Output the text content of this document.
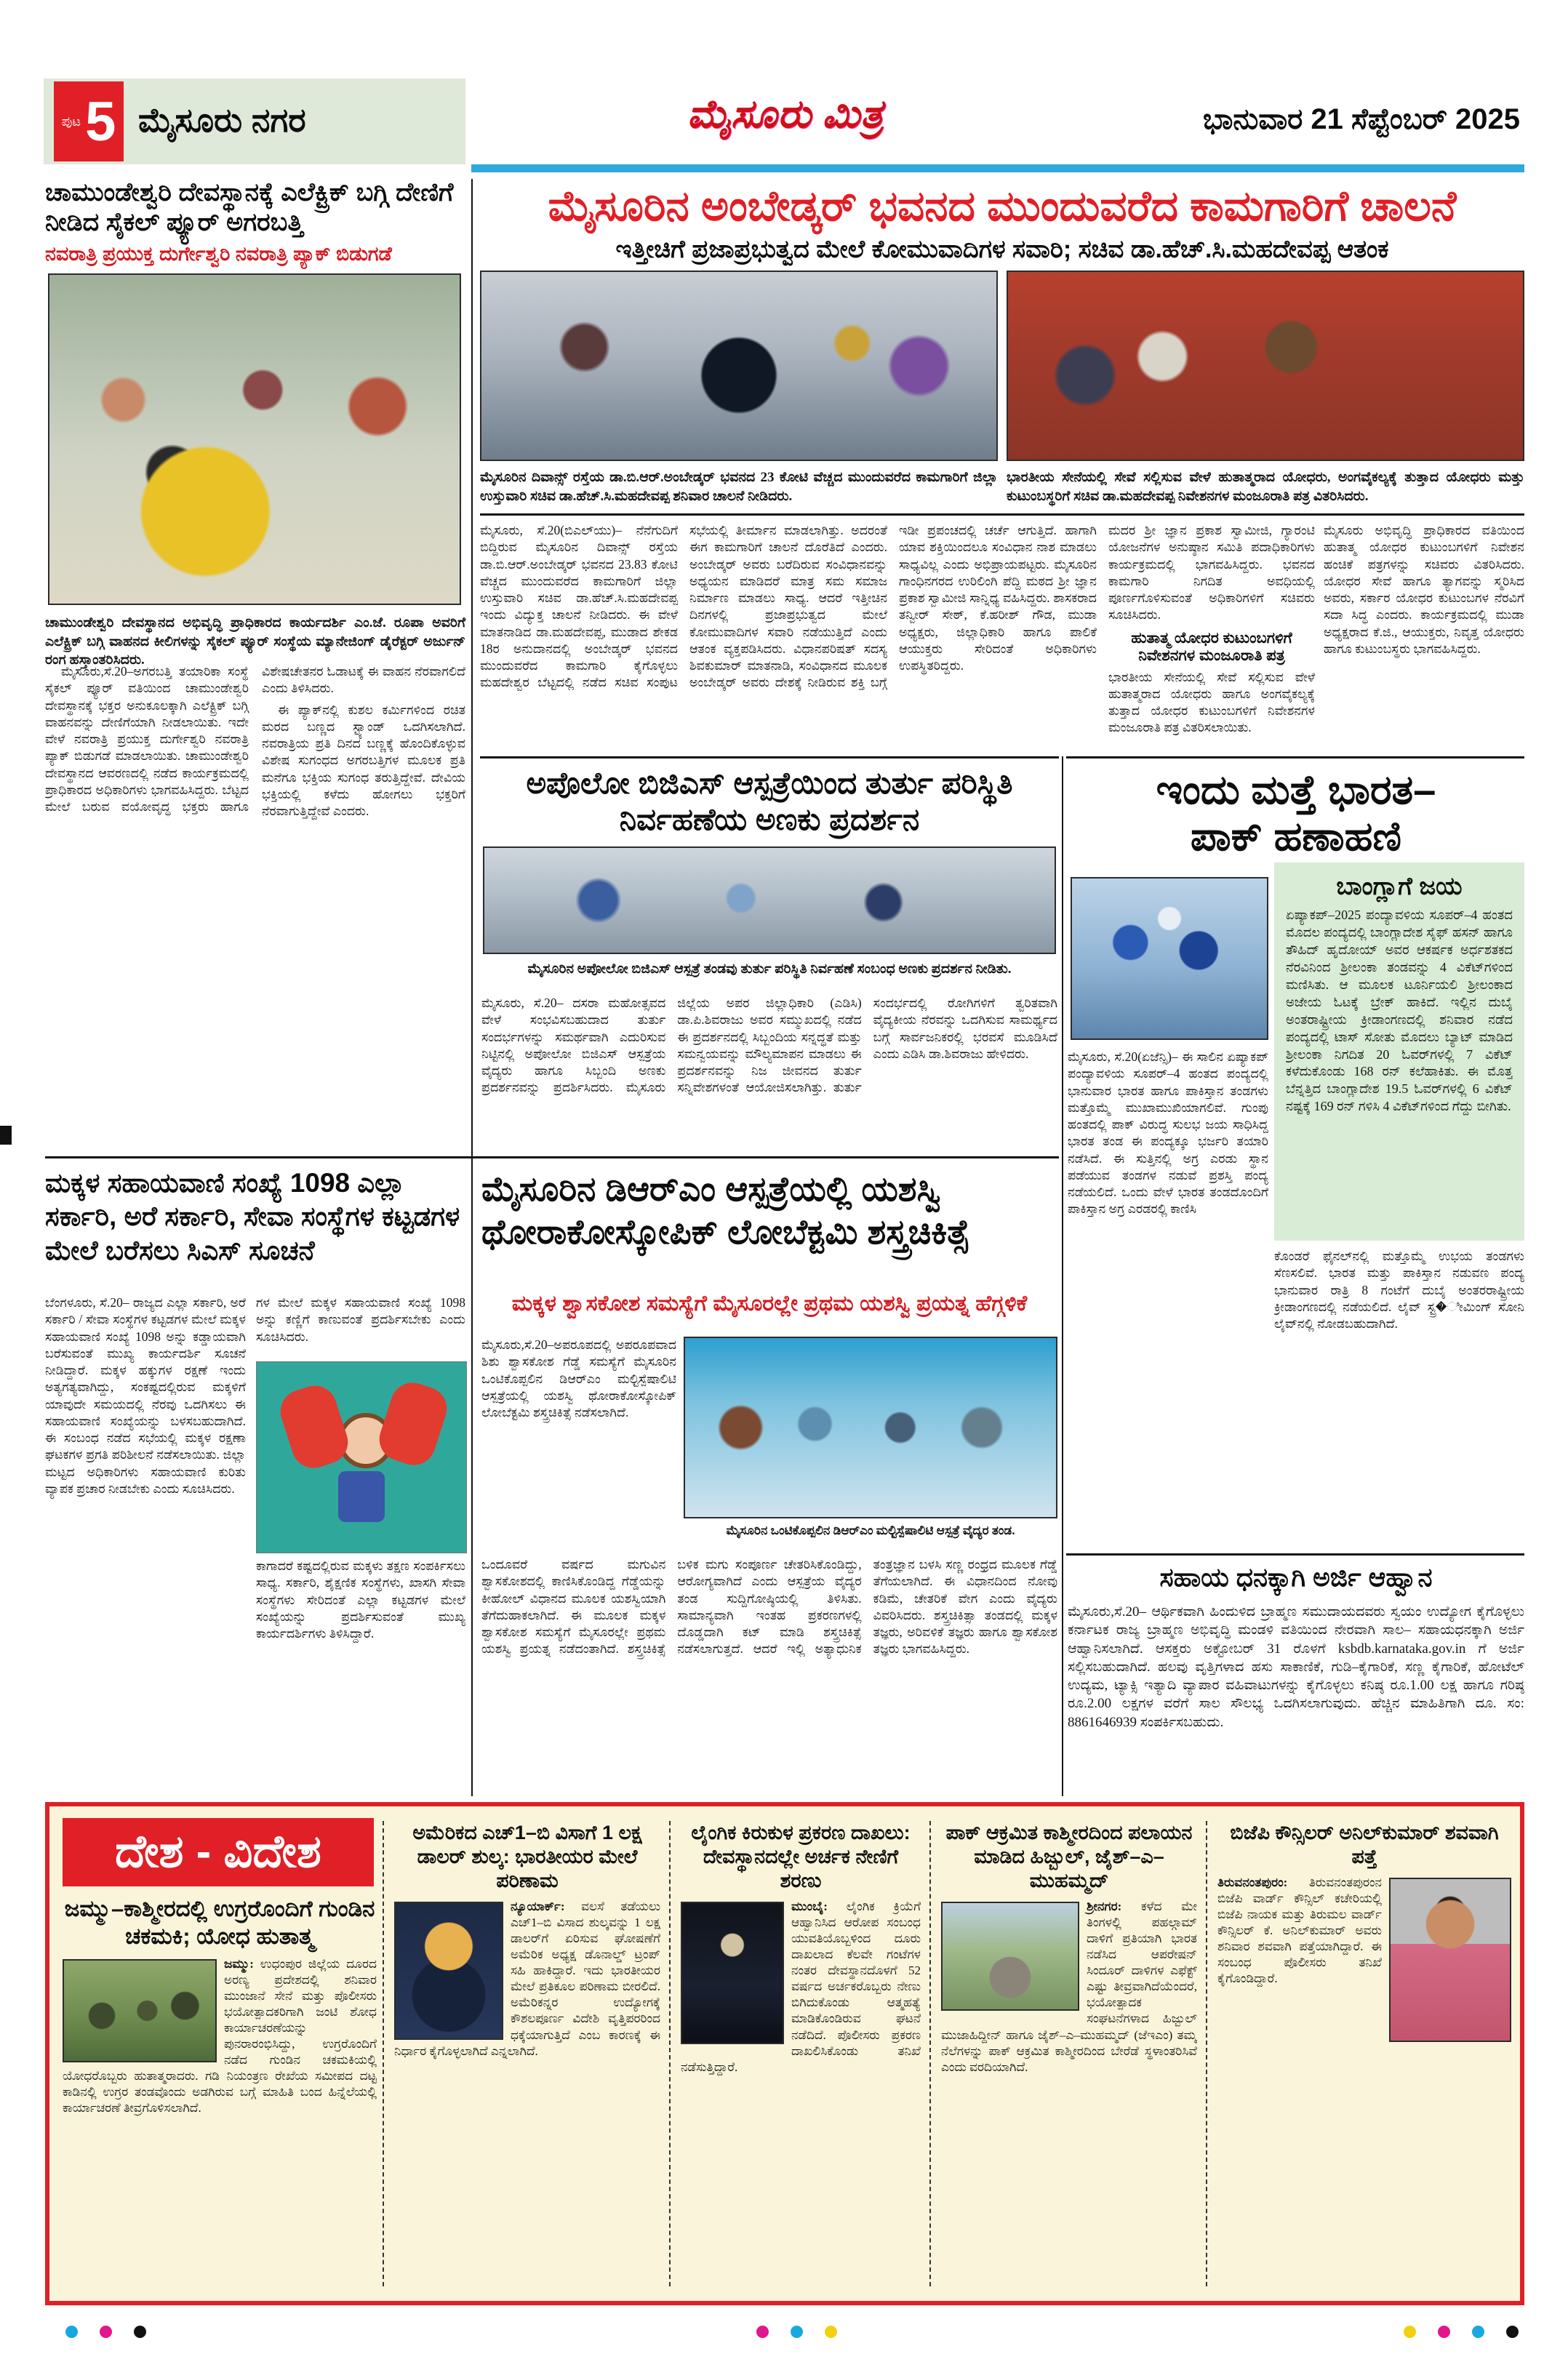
ಪುಟ 5 ಮೈಸೂರು ನಗರ	ಮೈಸೂರು ಮಿತ್ರ	ಭಾನುವಾರ 21 ಸೆಪ್ಟೆಂಬರ್ 2025
ಚಾಮುಂಡೇಶ್ವರಿ ದೇವಸ್ಥಾನಕ್ಕೆ ಎಲೆಕ್ಟ್ರಿಕ್ ಬಗ್ಗಿ ದೇಣಿಗೆ ನೀಡಿದ ಸೈಕಲ್ ಪ್ಯೂರ್ ಅಗರಬತ್ತಿ
ನವರಾತ್ರಿ ಪ್ರಯುಕ್ತ ದುರ್ಗೇಶ್ವರಿ ನವರಾತ್ರಿ ಪ್ಯಾಕ್ ಬಿಡುಗಡೆ
ಚಾಮುಂಡೇಶ್ವರಿ ದೇವಸ್ಥಾನದ ಅಭಿವೃದ್ಧಿ ಪ್ರಾಧಿಕಾರದ ಕಾರ್ಯದರ್ಶಿ ಎಂ.ಜೆ. ರೂಪಾ ಅವರಿಗೆ ಎಲೆಕ್ಟ್ರಿಕ್ ಬಗ್ಗಿ ವಾಹನದ ಕೀಲಿಗಳನ್ನು ಸೈಕಲ್ ಪ್ಯೂರ್ ಸಂಸ್ಥೆಯ ಮ್ಯಾನೇಜಿಂಗ್ ಡೈರೆಕ್ಟರ್ ಅರ್ಜುನ್ ರಂಗ ಹಸ್ತಾಂತರಿಸಿದರು.

ಮೈಸೂರು,ಸೆ.20–ಅಗರಬತ್ತಿ ತಯಾರಿಕಾ ಸಂಸ್ಥೆ ಸೈಕಲ್ ಪ್ಯೂರ್ ವತಿಯಿಂದ ಚಾಮುಂಡೇಶ್ವರಿ ದೇವಸ್ಥಾನಕ್ಕೆ ಭಕ್ತರ ಅನುಕೂಲಕ್ಕಾಗಿ ಎಲೆಕ್ಟ್ರಿಕ್ ಬಗ್ಗಿ ವಾಹನವನ್ನು ದೇಣಿಗೆಯಾಗಿ ನೀಡಲಾಯಿತು. ಇದೇ ವೇಳೆ ನವರಾತ್ರಿ ಪ್ರಯುಕ್ತ ದುರ್ಗೇಶ್ವರಿ ನವರಾತ್ರಿ ಪ್ಯಾಕ್ ಬಿಡುಗಡೆ ಮಾಡಲಾಯಿತು. ಚಾಮುಂಡೇಶ್ವರಿ ದೇವಸ್ಥಾನದ ಆವರಣದಲ್ಲಿ ನಡೆದ ಕಾರ್ಯಕ್ರಮದಲ್ಲಿ ಪ್ರಾಧಿಕಾರದ ಅಧಿಕಾರಿಗಳು ಭಾಗವಹಿಸಿದ್ದರು. ಬೆಟ್ಟದ ಮೇಲೆ ಬರುವ ವಯೋವೃದ್ಧ ಭಕ್ತರು ಹಾಗೂ ವಿಶೇಷಚೇತನರ ಓಡಾಟಕ್ಕೆ ಈ ವಾಹನ ನೆರವಾಗಲಿದೆ ಎಂದು ತಿಳಿಸಿದರು.

ಈ ಪ್ಯಾಕ್‌ನಲ್ಲಿ ಕುಶಲ ಕರ್ಮಿಗಳಿಂದ ರಚಿತ ಮರದ ಬಣ್ಣದ ಸ್ಟ್ಯಾಂಡ್ ಒದಗಿಸಲಾಗಿದೆ. ನವರಾತ್ರಿಯ ಪ್ರತಿ ದಿನದ ಬಣ್ಣಕ್ಕೆ ಹೊಂದಿಕೊಳ್ಳುವ ವಿಶೇಷ ಸುಗಂಧದ ಅಗರಬತ್ತಿಗಳ ಮೂಲಕ ಪ್ರತಿ ಮನೆಗೂ ಭಕ್ತಿಯ ಸುಗಂಧ ತರುತ್ತಿದ್ದೇವೆ. ದೇವಿಯ ಭಕ್ತಿಯಲ್ಲಿ ಕಳೆದು ಹೋಗಲು ಭಕ್ತರಿಗೆ ನೆರವಾಗುತ್ತಿದ್ದೇವೆ ಎಂದರು.

ಮೈಸೂರಿನ ಅಂಬೇಡ್ಕರ್ ಭವನದ ಮುಂದುವರೆದ ಕಾಮಗಾರಿಗೆ ಚಾಲನೆ
ಇತ್ತೀಚಿಗೆ ಪ್ರಜಾಪ್ರಭುತ್ವದ ಮೇಲೆ ಕೋಮುವಾದಿಗಳ ಸವಾರಿ; ಸಚಿವ ಡಾ.ಹೆಚ್.ಸಿ.ಮಹದೇವಪ್ಪ ಆತಂಕ
ಮೈಸೂರಿನ ದಿವಾನ್ಸ್ ರಸ್ತೆಯ ಡಾ.ಬಿ.ಆರ್.ಅಂಬೇಡ್ಕರ್ ಭವನದ 23 ಕೋಟಿ ವೆಚ್ಚದ ಮುಂದುವರೆದ ಕಾಮಗಾರಿಗೆ ಜಿಲ್ಲಾ ಉಸ್ತುವಾರಿ ಸಚಿವ ಡಾ.ಹೆಚ್.ಸಿ.ಮಹದೇವಪ್ಪ ಶನಿವಾರ ಚಾಲನೆ ನೀಡಿದರು.
ಭಾರತೀಯ ಸೇನೆಯಲ್ಲಿ ಸೇವೆ ಸಲ್ಲಿಸುವ ವೇಳೆ ಹುತಾತ್ಮರಾದ ಯೋಧರು, ಅಂಗವೈಕಲ್ಯಕ್ಕೆ ತುತ್ತಾದ ಯೋಧರು ಮತ್ತು ಕುಟುಂಬಸ್ಥರಿಗೆ ಸಚಿವ ಡಾ.ಮಹದೇವಪ್ಪ ನಿವೇಶನಗಳ ಮಂಜೂರಾತಿ ಪತ್ರ ವಿತರಿಸಿದರು.
ಮೈಸೂರು, ಸೆ.20(ಬಿಎಲ್‌ಯು)– ನೆನೆಗುದಿಗೆ ಬಿದ್ದಿರುವ ಮೈಸೂರಿನ ದಿವಾನ್ಸ್ ರಸ್ತೆಯ ಡಾ.ಬಿ.ಆರ್.ಅಂಬೇಡ್ಕರ್ ಭವನದ 23.83 ಕೋಟಿ ವೆಚ್ಚದ ಮುಂದುವರೆದ ಕಾಮಗಾರಿಗೆ ಜಿಲ್ಲಾ ಉಸ್ತುವಾರಿ ಸಚಿವ ಡಾ.ಹೆಚ್.ಸಿ.ಮಹದೇವಪ್ಪ ಇಂದು ವಿದ್ಯುಕ್ತ ಚಾಲನೆ ನೀಡಿದರು. ಈ ವೇಳೆ ಮಾತನಾಡಿದ ಡಾ.ಮಹದೇವಪ್ಪ, ಮುಡಾದ ಶೇಕಡ 18ರ ಅನುದಾನದಲ್ಲಿ ಅಂಬೇಡ್ಕರ್ ಭವನದ ಮುಂದುವರೆದ ಕಾಮಗಾರಿ ಕೈಗೊಳ್ಳಲು ಮಹದೇಶ್ವರ ಬೆಟ್ಟದಲ್ಲಿ ನಡೆದ ಸಚಿವ ಸಂಪುಟ ಸಭೆಯಲ್ಲಿ ತೀರ್ಮಾನ ಮಾಡಲಾಗಿತ್ತು. ಅದರಂತೆ ಈಗ ಕಾಮಗಾರಿಗೆ ಚಾಲನೆ ದೊರೆತಿದೆ ಎಂದರು. ಅಂಬೇಡ್ಕರ್ ಅವರು ಬರೆದಿರುವ ಸಂವಿಧಾನವನ್ನು ಅಧ್ಯಯನ ಮಾಡಿದರೆ ಮಾತ್ರ ಸಮ ಸಮಾಜ ನಿರ್ಮಾಣ ಮಾಡಲು ಸಾಧ್ಯ. ಆದರೆ ಇತ್ತೀಚಿನ ದಿನಗಳಲ್ಲಿ ಪ್ರಜಾಪ್ರಭುತ್ವದ ಮೇಲೆ ಕೋಮುವಾದಿಗಳ ಸವಾರಿ ನಡೆಯುತ್ತಿದೆ ಎಂದು ಆತಂಕ ವ್ಯಕ್ತಪಡಿಸಿದರು. ವಿಧಾನಪರಿಷತ್ ಸದಸ್ಯ ಶಿವಕುಮಾರ್ ಮಾತನಾಡಿ, ಸಂವಿಧಾನದ ಮೂಲಕ ಅಂಬೇಡ್ಕರ್ ಅವರು ದೇಶಕ್ಕೆ ನೀಡಿರುವ ಶಕ್ತಿ ಬಗ್ಗೆ ಇಡೀ ಪ್ರಪಂಚದಲ್ಲಿ ಚರ್ಚೆ ಆಗುತ್ತಿದೆ. ಹಾಗಾಗಿ ಯಾವ ಶಕ್ತಿಯಿಂದಲೂ ಸಂವಿಧಾನ ನಾಶ ಮಾಡಲು ಸಾಧ್ಯವಿಲ್ಲ ಎಂದು ಅಭಿಪ್ರಾಯಪಟ್ಟರು. ಮೈಸೂರಿನ ಗಾಂಧಿನಗರದ ಉರಿಲಿಂಗಿ ಪೆದ್ದಿ ಮಠದ ಶ್ರೀ ಜ್ಞಾನ ಪ್ರಕಾಶ ಸ್ವಾಮೀಜಿ ಸಾನ್ನಿಧ್ಯ ವಹಿಸಿದ್ದರು. ಶಾಸಕರಾದ ತನ್ವೀರ್ ಸೇಠ್, ಕೆ.ಹರೀಶ್ ಗೌಡ, ಮುಡಾ ಅಧ್ಯಕ್ಷರು, ಜಿಲ್ಲಾಧಿಕಾರಿ ಹಾಗೂ ಪಾಲಿಕೆ ಆಯುಕ್ತರು ಸೇರಿದಂತೆ ಅಧಿಕಾರಿಗಳು ಉಪಸ್ಥಿತರಿದ್ದರು.
ಮದರ ಶ್ರೀ ಜ್ಞಾನ ಪ್ರಕಾಶ ಸ್ವಾಮೀಜಿ, ಗ್ಯಾರಂಟಿ ಯೋಜನೆಗಳ ಅನುಷ್ಠಾನ ಸಮಿತಿ ಪದಾಧಿಕಾರಿಗಳು ಕಾರ್ಯಕ್ರಮದಲ್ಲಿ ಭಾಗವಹಿಸಿದ್ದರು. ಭವನದ ಕಾಮಗಾರಿ ನಿಗದಿತ ಅವಧಿಯಲ್ಲಿ ಪೂರ್ಣಗೊಳಿಸುವಂತೆ ಅಧಿಕಾರಿಗಳಿಗೆ ಸಚಿವರು ಸೂಚಿಸಿದರು.
ಹುತಾತ್ಮ ಯೋಧರ ಕುಟುಂಬಗಳಿಗೆ ನಿವೇಶನಗಳ ಮಂಜೂರಾತಿ ಪತ್ರ
ಭಾರತೀಯ ಸೇನೆಯಲ್ಲಿ ಸೇವೆ ಸಲ್ಲಿಸುವ ವೇಳೆ ಹುತಾತ್ಮರಾದ ಯೋಧರು ಹಾಗೂ ಅಂಗವೈಕಲ್ಯಕ್ಕೆ ತುತ್ತಾದ ಯೋಧರ ಕುಟುಂಬಗಳಿಗೆ ನಿವೇಶನಗಳ ಮಂಜೂರಾತಿ ಪತ್ರ ವಿತರಿಸಲಾಯಿತು.
ಮೈಸೂರು ಅಭಿವೃದ್ಧಿ ಪ್ರಾಧಿಕಾರದ ವತಿಯಿಂದ ಹುತಾತ್ಮ ಯೋಧರ ಕುಟುಂಬಗಳಿಗೆ ನಿವೇಶನ ಹಂಚಿಕೆ ಪತ್ರಗಳನ್ನು ಸಚಿವರು ವಿತರಿಸಿದರು. ಯೋಧರ ಸೇವೆ ಹಾಗೂ ತ್ಯಾಗವನ್ನು ಸ್ಮರಿಸಿದ ಅವರು, ಸರ್ಕಾರ ಯೋಧರ ಕುಟುಂಬಗಳ ನೆರವಿಗೆ ಸದಾ ಸಿದ್ಧ ಎಂದರು. ಕಾರ್ಯಕ್ರಮದಲ್ಲಿ ಮುಡಾ ಅಧ್ಯಕ್ಷರಾದ ಕೆ.ಜಿ., ಆಯುಕ್ತರು, ನಿವೃತ್ತ ಯೋಧರು ಹಾಗೂ ಕುಟುಂಬಸ್ಥರು ಭಾಗವಹಿಸಿದ್ದರು.
ಅಪೊಲೋ ಬಿಜಿಎಸ್ ಆಸ್ಪತ್ರೆಯಿಂದ ತುರ್ತು ಪರಿಸ್ಥಿತಿ ನಿರ್ವಹಣೆಯ ಅಣಕು ಪ್ರದರ್ಶನ
ಮೈಸೂರಿನ ಅಪೋಲೋ ಬಿಜಿಎಸ್ ಆಸ್ಪತ್ರೆ ತಂಡವು ತುರ್ತು ಪರಿಸ್ಥಿತಿ ನಿರ್ವಹಣೆ ಸಂಬಂಧ ಅಣಕು ಪ್ರದರ್ಶನ ನೀಡಿತು.
ಮೈಸೂರು, ಸೆ.20– ದಸರಾ ಮಹೋತ್ಸವದ ವೇಳೆ ಸಂಭವಿಸಬಹುದಾದ ತುರ್ತು ಸಂದರ್ಭಗಳನ್ನು ಸಮರ್ಥವಾಗಿ ಎದುರಿಸುವ ನಿಟ್ಟಿನಲ್ಲಿ ಅಪೋಲೋ ಬಿಜಿಎಸ್ ಆಸ್ಪತ್ರೆಯ ವೈದ್ಯರು ಹಾಗೂ ಸಿಬ್ಬಂದಿ ಅಣಕು ಪ್ರದರ್ಶನವನ್ನು ಪ್ರದರ್ಶಿಸಿದರು. ಮೈಸೂರು ಜಿಲ್ಲೆಯ ಅಪರ ಜಿಲ್ಲಾಧಿಕಾರಿ (ಎಡಿಸಿ) ಡಾ.ಪಿ.ಶಿವರಾಜು ಅವರ ಸಮ್ಮುಖದಲ್ಲಿ ನಡೆದ ಈ ಪ್ರದರ್ಶನದಲ್ಲಿ ಸಿಬ್ಬಂದಿಯ ಸನ್ನದ್ಧತೆ ಮತ್ತು ಸಮನ್ವಯವನ್ನು ಮೌಲ್ಯಮಾಪನ ಮಾಡಲು ಈ ಪ್ರದರ್ಶನವನ್ನು ನಿಜ ಜೀವನದ ತುರ್ತು ಸನ್ನಿವೇಶಗಳಂತೆ ಆಯೋಜಿಸಲಾಗಿತ್ತು. ತುರ್ತು ಸಂದರ್ಭದಲ್ಲಿ ರೋಗಿಗಳಿಗೆ ತ್ವರಿತವಾಗಿ ವೈದ್ಯಕೀಯ ನೆರವನ್ನು ಒದಗಿಸುವ ಸಾಮರ್ಥ್ಯದ ಬಗ್ಗೆ ಸಾರ್ವಜನಿಕರಲ್ಲಿ ಭರವಸೆ ಮೂಡಿಸಿದೆ ಎಂದು ಎಡಿಸಿ ಡಾ.ಶಿವರಾಜು ಹೇಳಿದರು.
ಇಂದು ಮತ್ತೆ ಭಾರತ–
ಪಾಕ್ ಹಣಾಹಣಿ
ಬಾಂಗ್ಲಾಗೆ ಜಯ
ಏಷ್ಯಾಕಪ್–2025 ಪಂದ್ಯಾವಳಿಯ ಸೂಪರ್–4 ಹಂತದ ಮೊದಲ ಪಂದ್ಯದಲ್ಲಿ ಬಾಂಗ್ಲಾದೇಶ ಸೈಫ್ ಹಸನ್ ಹಾಗೂ ತೌಹಿದ್ ಹೃದೋಯ್ ಅವರ ಆಕರ್ಷಕ ಅರ್ಧಶತಕದ ನೆರವಿನಿಂದ ಶ್ರೀಲಂಕಾ ತಂಡವನ್ನು 4 ವಿಕೆಟ್‌ಗಳಿಂದ ಮಣಿಸಿತು. ಆ ಮೂಲಕ ಟೂರ್ನಿಯಲಿ ಶ್ರೀಲಂಕಾದ ಅಜೇಯ ಓಟಕ್ಕೆ ಬ್ರೇಕ್ ಹಾಕಿದೆ. ಇಲ್ಲಿನ ದುಬೈ ಅಂತರಾಷ್ಟ್ರೀಯ ಕ್ರೀಡಾಂಗಣದಲ್ಲಿ ಶನಿವಾರ ನಡೆದ ಪಂದ್ಯದಲ್ಲಿ ಟಾಸ್ ಸೋತು ಮೊದಲು ಬ್ಯಾಟ್ ಮಾಡಿದ ಶ್ರೀಲಂಕಾ ನಿಗದಿತ 20 ಓವರ್‌ಗಳಲ್ಲಿ 7 ವಿಕೆಟ್ ಕಳೆದುಕೊಂಡು 168 ರನ್ ಕಲೆಹಾಕಿತು. ಈ ಮೊತ್ತ ಬೆನ್ನತ್ತಿದ ಬಾಂಗ್ಲಾದೇಶ 19.5 ಓವರ್‌ಗಳಲ್ಲಿ 6 ವಿಕೆಟ್ ನಷ್ಟಕ್ಕೆ 169 ರನ್ ಗಳಿಸಿ 4 ವಿಕೆಟ್‌ಗಳಿಂದ ಗೆದ್ದು ಬೀಗಿತು.
ಮೈಸೂರು, ಸೆ.20(ಏಜೆನ್ಸಿ)– ಈ ಸಾಲಿನ ಏಷ್ಯಾಕಪ್ ಪಂದ್ಯಾವಳಿಯ ಸೂಪರ್–4 ಹಂತದ ಪಂದ್ಯದಲ್ಲಿ ಭಾನುವಾರ ಭಾರತ ಹಾಗೂ ಪಾಕಿಸ್ತಾನ ತಂಡಗಳು ಮತ್ತೊಮ್ಮೆ ಮುಖಾಮುಖಿಯಾಗಲಿವೆ. ಗುಂಪು ಹಂತದಲ್ಲಿ ಪಾಕ್ ವಿರುದ್ಧ ಸುಲಭ ಜಯ ಸಾಧಿಸಿದ್ದ ಭಾರತ ತಂಡ ಈ ಪಂದ್ಯಕ್ಕೂ ಭರ್ಜರಿ ತಯಾರಿ ನಡೆಸಿದೆ. ಈ ಸುತ್ತಿನಲ್ಲಿ ಅಗ್ರ ಎರಡು ಸ್ಥಾನ ಪಡೆಯುವ ತಂಡಗಳ ನಡುವೆ ಪ್ರಶಸ್ತಿ ಪಂದ್ಯ ನಡೆಯಲಿದೆ. ಒಂದು ವೇಳೆ ಭಾರತ ತಂಡದೊಂದಿಗೆ ಪಾಕಿಸ್ತಾನ ಅಗ್ರ ಎರಡರಲ್ಲಿ ಕಾಣಿಸಿ
ಕೊಂಡರೆ ಫೈನಲ್‌ನಲ್ಲಿ ಮತ್ತೊಮ್ಮೆ ಉಭಯ ತಂಡಗಳು ಸೆಣಸಲಿವೆ. ಭಾರತ ಮತ್ತು ಪಾಕಿಸ್ತಾನ ನಡುವಣ ಪಂದ್ಯ ಭಾನುವಾರ ರಾತ್ರಿ 8 ಗಂಟೆಗೆ ದುಬೈ ಅಂತರರಾಷ್ಟ್ರೀಯ ಕ್ರೀಡಾಂಗಣದಲ್ಲಿ ನಡೆಯಲಿದೆ. ಲೈವ್ ಸ್ಟ್ರ�ೀಮಿಂಗ್ ಸೋನಿ ಲೈವ್‌ನಲ್ಲಿ ನೋಡಬಹುದಾಗಿದೆ.
ಸಹಾಯ ಧನಕ್ಕಾಗಿ ಅರ್ಜಿ ಆಹ್ವಾನ
ಮೈಸೂರು,ಸೆ.20– ಆರ್ಥಿಕವಾಗಿ ಹಿಂದುಳಿದ ಬ್ರಾಹ್ಮಣ ಸಮುದಾಯದವರು ಸ್ವಯಂ ಉದ್ಯೋಗ ಕೈಗೊಳ್ಳಲು ಕರ್ನಾಟಕ ರಾಜ್ಯ ಬ್ರಾಹ್ಮಣ ಅಭಿವೃದ್ಧಿ ಮಂಡಳಿ ವತಿಯಿಂದ ನೇರವಾಗಿ ಸಾಲ– ಸಹಾಯಧನಕ್ಕಾಗಿ ಅರ್ಜಿ ಆಹ್ವಾನಿಸಲಾಗಿದೆ. ಆಸಕ್ತರು ಅಕ್ಟೋಬರ್ 31 ರೊಳಗೆ ksbdb.karnataka.gov.in ಗೆ ಅರ್ಜಿ ಸಲ್ಲಿಸಬಹುದಾಗಿದೆ. ಹಲವು ವೃತ್ತಿಗಳಾದ ಹಸು ಸಾಕಾಣಿಕೆ, ಗುಡಿ–ಕೈಗಾರಿಕೆ, ಸಣ್ಣ ಕೈಗಾರಿಕೆ, ಹೋಟೆಲ್ ಉದ್ಯಮ, ಟ್ಯಾಕ್ಸಿ ಇತ್ಯಾದಿ ವ್ಯಾಪಾರ ವಹಿವಾಟುಗಳನ್ನು ಕೈಗೊಳ್ಳಲು ಕನಿಷ್ಠ ರೂ.1.00 ಲಕ್ಷ ಹಾಗೂ ಗರಿಷ್ಠ ರೂ.2.00 ಲಕ್ಷಗಳ ವರೆಗೆ ಸಾಲ ಸೌಲಭ್ಯ ಒದಗಿಸಲಾಗುವುದು. ಹೆಚ್ಚಿನ ಮಾಹಿತಿಗಾಗಿ ದೂ. ಸಂ: 8861646939 ಸಂಪರ್ಕಿಸಬಹುದು.
ಮಕ್ಕಳ ಸಹಾಯವಾಣಿ ಸಂಖ್ಯೆ 1098 ಎಲ್ಲಾ ಸರ್ಕಾರಿ, ಅರೆ ಸರ್ಕಾರಿ, ಸೇವಾ ಸಂಸ್ಥೆಗಳ ಕಟ್ಟಡಗಳ ಮೇಲೆ ಬರೆಸಲು ಸಿಎಸ್ ಸೂಚನೆ
ಬೆಂಗಳೂರು, ಸೆ.20– ರಾಜ್ಯದ ಎಲ್ಲಾ ಸರ್ಕಾರಿ, ಅರೆ ಸರ್ಕಾರಿ / ಸೇವಾ ಸಂಸ್ಥೆಗಳ ಕಟ್ಟಡಗಳ ಮೇಲೆ ಮಕ್ಕಳ ಸಹಾಯವಾಣಿ ಸಂಖ್ಯೆ 1098 ಅನ್ನು ಕಡ್ಡಾಯವಾಗಿ ಬರೆಸುವಂತೆ ಮುಖ್ಯ ಕಾರ್ಯದರ್ಶಿ ಸೂಚನೆ ನೀಡಿದ್ದಾರೆ. ಮಕ್ಕಳ ಹಕ್ಕುಗಳ ರಕ್ಷಣೆ ಇಂದು ಅತ್ಯಗತ್ಯವಾಗಿದ್ದು, ಸಂಕಷ್ಟದಲ್ಲಿರುವ ಮಕ್ಕಳಿಗೆ ಯಾವುದೇ ಸಮಯದಲ್ಲಿ ನೆರವು ಒದಗಿಸಲು ಈ ಸಹಾಯವಾಣಿ ಸಂಖ್ಯೆಯನ್ನು ಬಳಸಬಹುದಾಗಿದೆ. ಈ ಸಂಬಂಧ ನಡೆದ ಸಭೆಯಲ್ಲಿ ಮಕ್ಕಳ ರಕ್ಷಣಾ ಘಟಕಗಳ ಪ್ರಗತಿ ಪರಿಶೀಲನೆ ನಡೆಸಲಾಯಿತು. ಜಿಲ್ಲಾ ಮಟ್ಟದ ಅಧಿಕಾರಿಗಳು ಸಹಾಯವಾಣಿ ಕುರಿತು ವ್ಯಾಪಕ ಪ್ರಚಾರ ನೀಡಬೇಕು ಎಂದು ಸೂಚಿಸಿದರು.
ಗಳ ಮೇಲೆ ಮಕ್ಕಳ ಸಹಾಯವಾಣಿ ಸಂಖ್ಯೆ 1098 ಅನ್ನು ಕಣ್ಣಿಗೆ ಕಾಣುವಂತೆ ಪ್ರದರ್ಶಿಸಬೇಕು ಎಂದು ಸೂಚಿಸಿದರು.
ಕಾಗಾದರೆ ಕಷ್ಟದಲ್ಲಿರುವ ಮಕ್ಕಳು ತಕ್ಷಣ ಸಂಪರ್ಕಿಸಲು ಸಾಧ್ಯ. ಸರ್ಕಾರಿ, ಶೈಕ್ಷಣಿಕ ಸಂಸ್ಥೆಗಳು, ಖಾಸಗಿ ಸೇವಾ ಸಂಸ್ಥೆಗಳು ಸೇರಿದಂತೆ ಎಲ್ಲಾ ಕಟ್ಟಡಗಳ ಮೇಲೆ ಸಂಖ್ಯೆಯನ್ನು ಪ್ರದರ್ಶಿಸುವಂತೆ ಮುಖ್ಯ ಕಾರ್ಯದರ್ಶಿಗಳು ತಿಳಿಸಿದ್ದಾರೆ.
ಮೈಸೂರಿನ ಡಿಆರ್‌ಎಂ ಆಸ್ಪತ್ರೆಯಲ್ಲಿ ಯಶಸ್ವಿ ಥೋರಾಕೋಸ್ಕೋಪಿಕ್ ಲೋಬೆಕ್ಟಮಿ ಶಸ್ತ್ರಚಿಕಿತ್ಸೆ
ಮಕ್ಕಳ ಶ್ವಾಸಕೋಶ ಸಮಸ್ಯೆಗೆ ಮೈಸೂರಲ್ಲೇ ಪ್ರಥಮ ಯಶಸ್ವಿ ಪ್ರಯತ್ನ ಹೆಗ್ಗಳಿಕೆ
ಮೈಸೂರು,ಸೆ.20–ಅಪರೂಪದಲ್ಲಿ ಅಪರೂಪವಾದ ಶಿಶು ಶ್ವಾಸಕೋಶ ಗೆಡ್ಡೆ ಸಮಸ್ಯೆಗೆ ಮೈಸೂರಿನ ಒಂಟಿಕೊಪ್ಪಲಿನ ಡಿಆರ್‌ಎಂ ಮಲ್ಟಿಸ್ಪೆಷಾಲಿಟಿ ಆಸ್ಪತ್ರೆಯಲ್ಲಿ ಯಶಸ್ವಿ ಥೋರಾಕೋಸ್ಕೋಪಿಕ್ ಲೋಬೆಕ್ಟಮಿ ಶಸ್ತ್ರಚಿಕಿತ್ಸೆ ನಡೆಸಲಾಗಿದೆ.
ಮೈಸೂರಿನ ಒಂಟಿಕೊಪ್ಪಲಿನ ಡಿಆರ್‌ಎಂ ಮಲ್ಟಿಸ್ಪೆಷಾಲಿಟಿ ಆಸ್ಪತ್ರೆ ವೈದ್ಯರ ತಂಡ.
ಒಂದೂವರೆ ವರ್ಷದ ಮಗುವಿನ ಶ್ವಾಸಕೋಶದಲ್ಲಿ ಕಾಣಿಸಿಕೊಂಡಿದ್ದ ಗೆಡ್ಡೆಯನ್ನು ಕೀಹೋಲ್ ವಿಧಾನದ ಮೂಲಕ ಯಶಸ್ವಿಯಾಗಿ ತೆಗೆದುಹಾಕಲಾಗಿದೆ. ಈ ಮೂಲಕ ಮಕ್ಕಳ ಶ್ವಾಸಕೋಶ ಸಮಸ್ಯೆಗೆ ಮೈಸೂರಲ್ಲೇ ಪ್ರಥಮ ಯಶಸ್ವಿ ಪ್ರಯತ್ನ ನಡೆದಂತಾಗಿದೆ. ಶಸ್ತ್ರಚಿಕಿತ್ಸೆ ಬಳಿಕ ಮಗು ಸಂಪೂರ್ಣ ಚೇತರಿಸಿಕೊಂಡಿದ್ದು, ಆರೋಗ್ಯವಾಗಿದೆ ಎಂದು ಆಸ್ಪತ್ರೆಯ ವೈದ್ಯರ ತಂಡ ಸುದ್ದಿಗೋಷ್ಠಿಯಲ್ಲಿ ತಿಳಿಸಿತು. ಸಾಮಾನ್ಯವಾಗಿ ಇಂತಹ ಪ್ರಕರಣಗಳಲ್ಲಿ ದೊಡ್ಡದಾಗಿ ಕಟ್ ಮಾಡಿ ಶಸ್ತ್ರಚಿಕಿತ್ಸೆ ನಡೆಸಲಾಗುತ್ತದೆ. ಆದರೆ ಇಲ್ಲಿ ಅತ್ಯಾಧುನಿಕ ತಂತ್ರಜ್ಞಾನ ಬಳಸಿ ಸಣ್ಣ ರಂಧ್ರದ ಮೂಲಕ ಗೆಡ್ಡೆ ತೆಗೆಯಲಾಗಿದೆ. ಈ ವಿಧಾನದಿಂದ ನೋವು ಕಡಿಮೆ, ಚೇತರಿಕೆ ವೇಗ ಎಂದು ವೈದ್ಯರು ವಿವರಿಸಿದರು. ಶಸ್ತ್ರಚಿಕಿತ್ಸಾ ತಂಡದಲ್ಲಿ ಮಕ್ಕಳ ತಜ್ಞರು, ಅರಿವಳಿಕೆ ತಜ್ಞರು ಹಾಗೂ ಶ್ವಾಸಕೋಶ ತಜ್ಞರು ಭಾಗವಹಿಸಿದ್ದರು.
ದೇಶ - ವಿದೇಶ
ಜಮ್ಮು–ಕಾಶ್ಮೀರದಲ್ಲಿ ಉಗ್ರರೊಂದಿಗೆ ಗುಂಡಿನ ಚಕಮಕಿ; ಯೋಧ ಹುತಾತ್ಮ
ಜಮ್ಮು: ಉಧಂಪುರ ಜಿಲ್ಲೆಯ ದೂರದ ಅರಣ್ಯ ಪ್ರದೇಶದಲ್ಲಿ ಶನಿವಾರ ಮುಂಜಾನೆ ಸೇನೆ ಮತ್ತು ಪೊಲೀಸರು ಭಯೋತ್ಪಾದಕರಿಗಾಗಿ ಜಂಟಿ ಶೋಧ ಕಾರ್ಯಾಚರಣೆಯನ್ನು ಪುನರಾರಂಭಿಸಿದ್ದು, ಉಗ್ರರೊಂದಿಗೆ ನಡೆದ ಗುಂಡಿನ ಚಕಮಕಿಯಲ್ಲಿ ಯೋಧರೊಬ್ಬರು ಹುತಾತ್ಮರಾದರು. ಗಡಿ ನಿಯಂತ್ರಣ ರೇಖೆಯ ಸಮೀಪದ ದಟ್ಟ ಕಾಡಿನಲ್ಲಿ ಉಗ್ರರ ತಂಡವೊಂದು ಅಡಗಿರುವ ಬಗ್ಗೆ ಮಾಹಿತಿ ಬಂದ ಹಿನ್ನೆಲೆಯಲ್ಲಿ ಕಾರ್ಯಾಚರಣೆ ತೀವ್ರಗೊಳಿಸಲಾಗಿದೆ.
ಅಮೆರಿಕದ ಎಚ್1–ಬಿ ವಿಸಾಗೆ 1 ಲಕ್ಷ ಡಾಲರ್ ಶುಲ್ಕ: ಭಾರತೀಯರ ಮೇಲೆ ಪರಿಣಾಮ
ನ್ಯೂಯಾರ್ಕ್: ವಲಸೆ ತಡೆಯಲು ಎಚ್1–ಬಿ ವಿಸಾದ ಶುಲ್ಕವನ್ನು 1 ಲಕ್ಷ ಡಾಲರ್‌ಗೆ ಏರಿಸುವ ಘೋಷಣೆಗೆ ಅಮೆರಿಕ ಅಧ್ಯಕ್ಷ ಡೊನಾಲ್ಡ್ ಟ್ರಂಪ್ ಸಹಿ ಹಾಕಿದ್ದಾರೆ. ಇದು ಭಾರತೀಯರ ಮೇಲೆ ಪ್ರತಿಕೂಲ ಪರಿಣಾಮ ಬೀರಲಿದೆ. ಅಮೆರಿಕನ್ನರ ಉದ್ಯೋಗಕ್ಕೆ ಕೌಶಲಪೂರ್ಣ ವಿದೇಶಿ ವೃತ್ತಿಪರರಿಂದ ಧಕ್ಕೆಯಾಗುತ್ತಿದೆ ಎಂಬ ಕಾರಣಕ್ಕೆ ಈ ನಿರ್ಧಾರ ಕೈಗೊಳ್ಳಲಾಗಿದೆ ಎನ್ನಲಾಗಿದೆ.
ಲೈಂಗಿಕ ಕಿರುಕುಳ ಪ್ರಕರಣ ದಾಖಲು: ದೇವಸ್ಥಾನದಲ್ಲೇ ಅರ್ಚಕ ನೇಣಿಗೆ ಶರಣು
ಮುಂಬೈ: ಲೈಂಗಿಕ ಕ್ರಿಯೆಗೆ ಆಹ್ವಾನಿಸಿದ ಆರೋಪ ಸಂಬಂಧ ಯುವತಿಯೊಬ್ಬಳಿಂದ ದೂರು ದಾಖಲಾದ ಕೆಲವೇ ಗಂಟೆಗಳ ನಂತರ ದೇವಸ್ಥಾನದೊಳಗೆ 52 ವರ್ಷದ ಅರ್ಚಕರೊಬ್ಬರು ನೇಣು ಬಿಗಿದುಕೊಂಡು ಆತ್ಮಹತ್ಯೆ ಮಾಡಿಕೊಂಡಿರುವ ಘಟನೆ ನಡೆದಿದೆ. ಪೊಲೀಸರು ಪ್ರಕರಣ ದಾಖಲಿಸಿಕೊಂಡು ತನಿಖೆ ನಡೆಸುತ್ತಿದ್ದಾರೆ.
ಪಾಕ್ ಆಕ್ರಮಿತ ಕಾಶ್ಮೀರದಿಂದ ಪಲಾಯನ ಮಾಡಿದ ಹಿಜ್ಬುಲ್, ಜೈಶ್–ಎ–ಮುಹಮ್ಮದ್
ಶ್ರೀನಗರ: ಕಳೆದ ಮೇ ತಿಂಗಳಲ್ಲಿ ಪಹಲ್ಗಾಮ್ ದಾಳಿಗೆ ಪ್ರತಿಯಾಗಿ ಭಾರತ ನಡೆಸಿದ ಆಪರೇಷನ್ ಸಿಂದೂರ್ ದಾಳಿಗಳ ಎಫೆಕ್ಟ್ ಎಷ್ಟು ತೀವ್ರವಾಗಿದೆಯೆಂದರೆ, ಭಯೋತ್ಪಾದಕ ಸಂಘಟನೆಗಳಾದ ಹಿಜ್ಬುಲ್ ಮುಜಾಹಿದ್ದೀನ್ ಹಾಗೂ ಜೈಶ್–ಎ–ಮುಹಮ್ಮದ್ (ಜೆಇಎಂ) ತಮ್ಮ ನೆಲೆಗಳನ್ನು ಪಾಕ್ ಆಕ್ರಮಿತ ಕಾಶ್ಮೀರದಿಂದ ಬೇರೆಡೆ ಸ್ಥಳಾಂತರಿಸಿವೆ ಎಂದು ವರದಿಯಾಗಿದೆ.
ಬಿಜೆಪಿ ಕೌನ್ಸಿಲರ್ ಅನಿಲ್‌ಕುಮಾರ್ ಶವವಾಗಿ ಪತ್ತೆ
ತಿರುವನಂತಪುರಂ: ತಿರುವನಂತಪುರಂನ ಬಿಜೆಪಿ ವಾರ್ಡ್ ಕೌನ್ಸಿಲ್ ಕಚೇರಿಯಲ್ಲಿ ಬಿಜೆಪಿ ನಾಯಕ ಮತ್ತು ತಿರುಮಲ ವಾರ್ಡ್ ಕೌನ್ಸಿಲರ್ ಕೆ. ಅನಿಲ್‌ಕುಮಾರ್ ಅವರು ಶನಿವಾರ ಶವವಾಗಿ ಪತ್ತೆಯಾಗಿದ್ದಾರೆ. ಈ ಸಂಬಂಧ ಪೊಲೀಸರು ತನಿಖೆ ಕೈಗೊಂಡಿದ್ದಾರೆ.
